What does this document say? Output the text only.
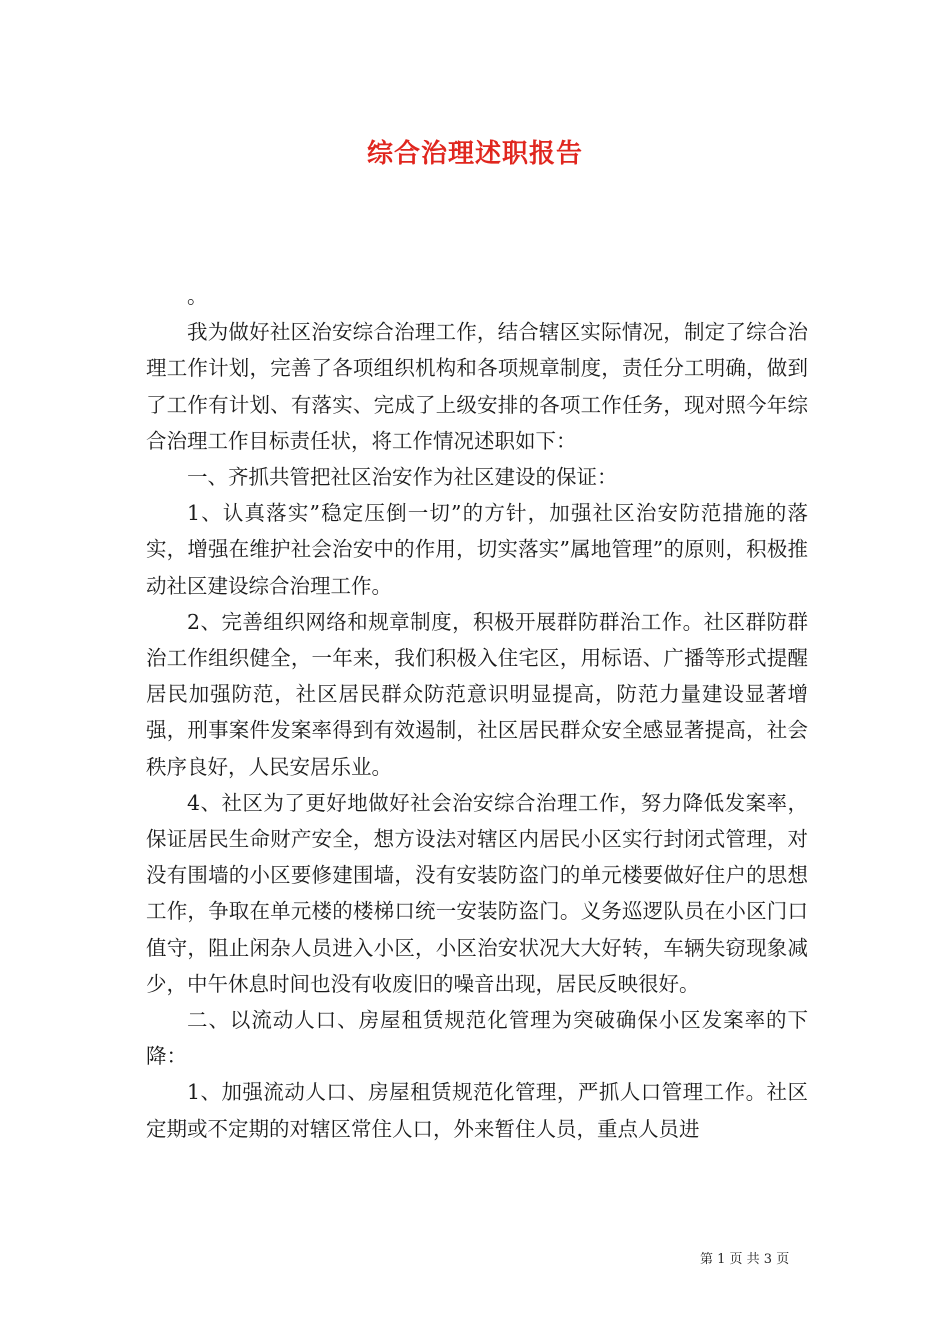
综合治理述职报告

。

我为做好社区治安综合治理工作，结合辖区实际情况，制定了综合治理工作计划，完善了各项组织机构和各项规章制度，责任分工明确，做到了工作有计划、有落实、完成了上级安排的各项工作任务，现对照今年综合治理工作目标责任状，将工作情况述职如下：

一、齐抓共管把社区治安作为社区建设的保证：

1、认真落实”稳定压倒一切”的方针，加强社区治安防范措施的落实，增强在维护社会治安中的作用，切实落实”属地管理”的原则，积极推动社区建设综合治理工作。

2、完善组织网络和规章制度，积极开展群防群治工作。社区群防群治工作组织健全，一年来，我们积极入住宅区，用标语、广播等形式提醒居民加强防范，社区居民群众防范意识明显提高，防范力量建设显著增强，刑事案件发案率得到有效遏制，社区居民群众安全感显著提高，社会秩序良好，人民安居乐业。

4、社区为了更好地做好社会治安综合治理工作，努力降低发案率，保证居民生命财产安全，想方设法对辖区内居民小区实行封闭式管理，对没有围墙的小区要修建围墙，没有安装防盗门的单元楼要做好住户的思想工作，争取在单元楼的楼梯口统一安装防盗门。义务巡逻队员在小区门口值守，阻止闲杂人员进入小区，小区治安状况大大好转，车辆失窃现象减少，中午休息时间也没有收废旧的噪音出现，居民反映很好。

二、以流动人口、房屋租赁规范化管理为突破确保小区发案率的下降：

1、加强流动人口、房屋租赁规范化管理，严抓人口管理工作。社区定期或不定期的对辖区常住人口，外来暂住人员，重点人员进

第 1 页 共 3 页
